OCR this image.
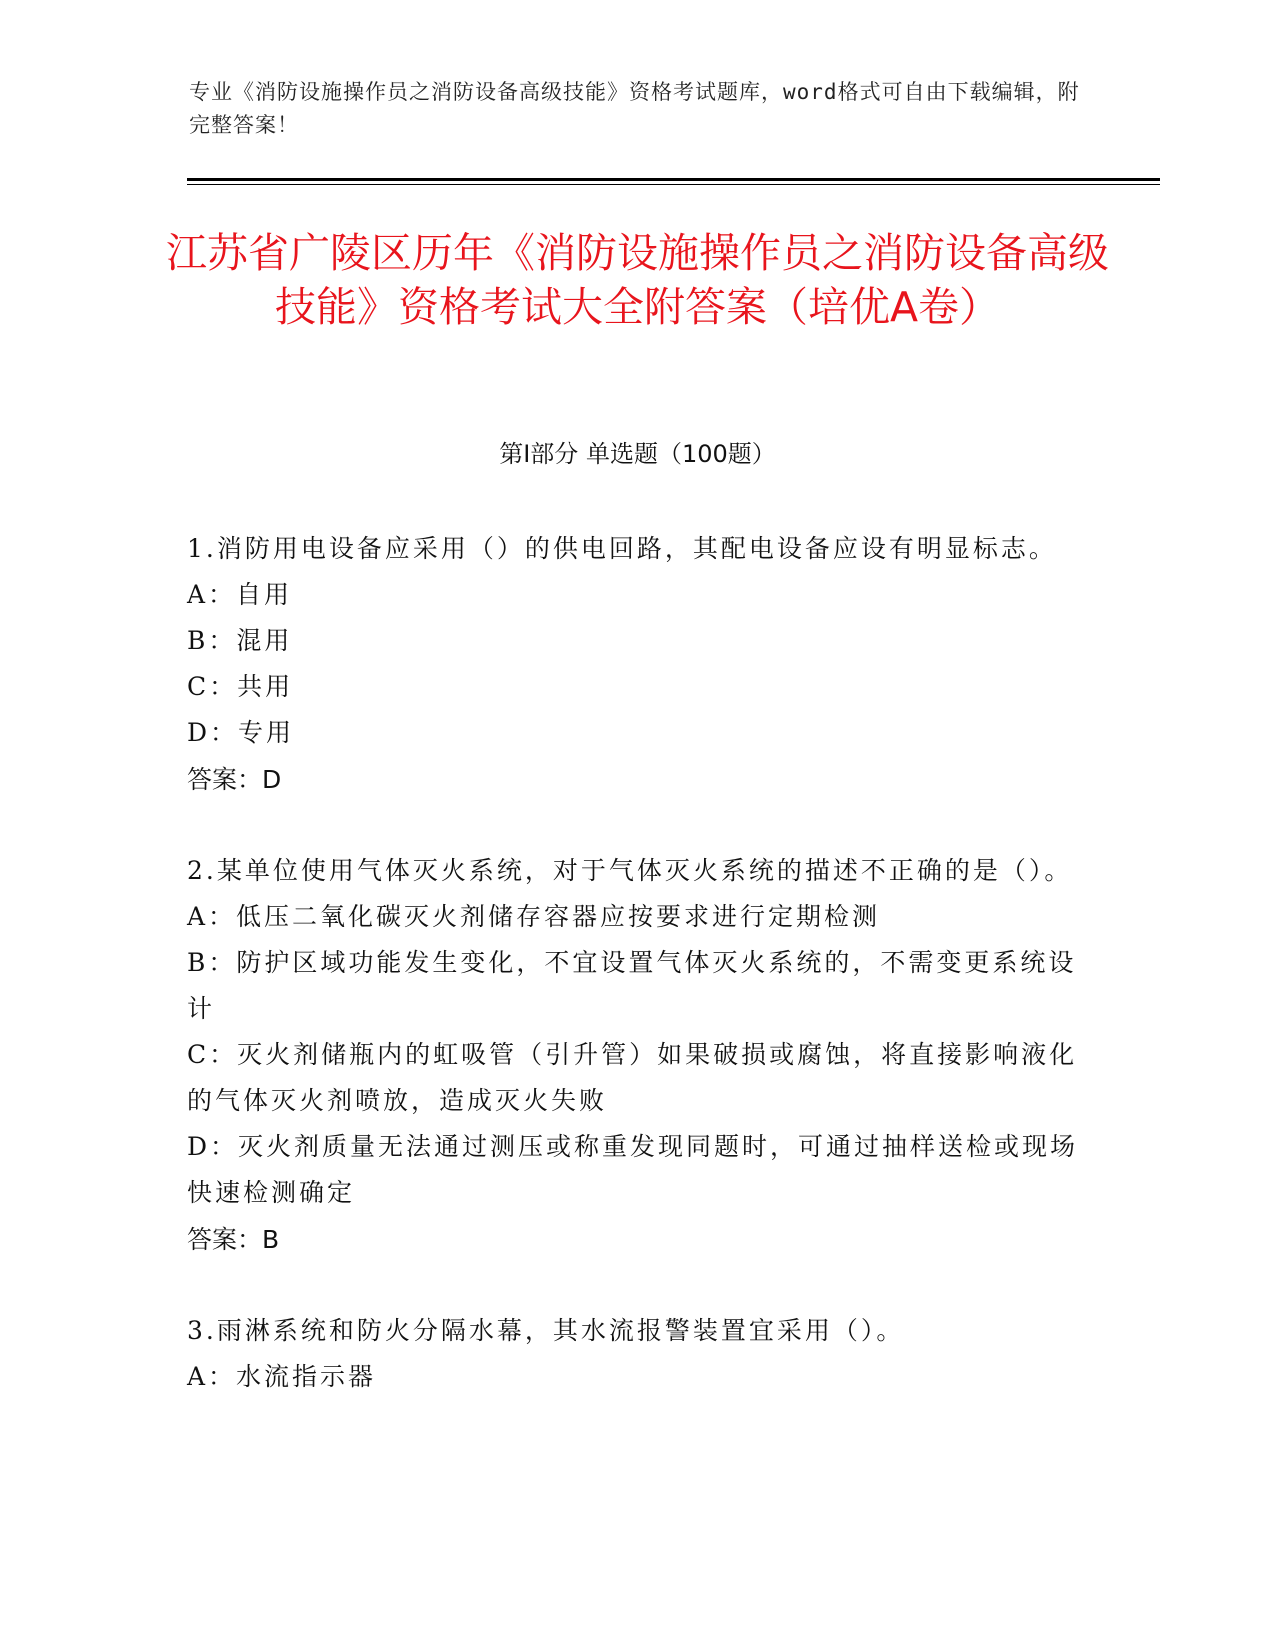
专业《消防设施操作员之消防设备高级技能》资格考试题库，word格式可自由下载编辑，附完整答案！
江苏省广陵区历年《消防设施操作员之消防设备高级技能》资格考试大全附答案（培优A卷）
第I部分 单选题（100题）
1.消防用电设备应采用（）的供电回路，其配电设备应设有明显标志。
A：自用
B：混用
C：共用
D：专用
答案：D
2.某单位使用气体灭火系统，对于气体灭火系统的描述不正确的是（）。
A：低压二氧化碳灭火剂储存容器应按要求进行定期检测
B：防护区域功能发生变化，不宜设置气体灭火系统的，不需变更系统设计
C：灭火剂储瓶内的虹吸管（引升管）如果破损或腐蚀，将直接影响液化的气体灭火剂喷放，造成灭火失败
D：灭火剂质量无法通过测压或称重发现同题时，可通过抽样送检或现场快速检测确定
答案：B
3.雨淋系统和防火分隔水幕，其水流报警装置宜采用（）。
A：水流指示器
